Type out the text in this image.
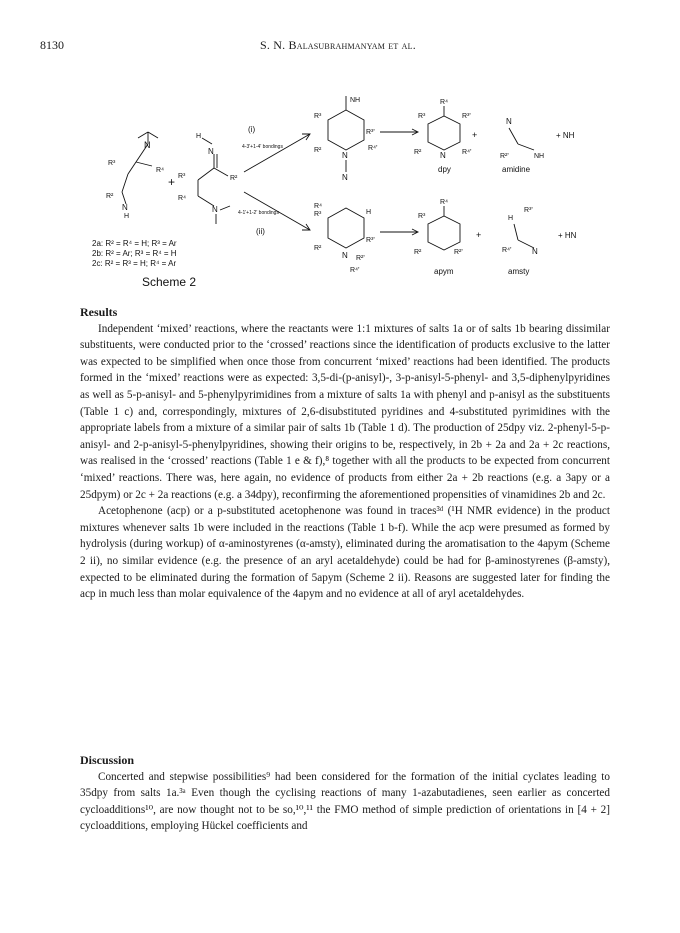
8130	S. N. Balasubrahmanyam et al.
N
R³
R⁴
R²
N
H
+
H
N
R³	R²
R⁴
N
(i)
4-3'+1-4' bondings
(ii)
4-1'+1-2' bondings
NH
R³
R³'
R²
N
R⁴'
N
R⁴
R³	R³'
R² N R⁴'
dpy
+
N
R²'	NH
+ NH
amidine
R⁴
R³	H
R³'
R²
N R²'
R⁴'
R⁴
R³
R²	R²'
apym
+
H
R³'
R⁴'	N
+ HN
amsty
2a: R² = R⁴ = H; R³ = Ar
2b: R² = Ar; R³ = R⁴ = H
2c: R² = R³ = H; R⁴ = Ar
Scheme 2
Results

Independent ‘mixed’ reactions, where the reactants were 1:1 mixtures of salts 1a or of salts 1b bearing dissimilar substituents, were conducted prior to the ‘crossed’ reactions since the identification of products exclusive to the latter was expected to be simplified when once those from concurrent ‘mixed’ reactions had been identified. The products formed in the ‘mixed’ reactions were as expected: 3,5-di-(p-anisyl)-, 3-p-anisyl-5-phenyl- and 3,5-diphenylpyridines as well as 5-p-anisyl- and 5-phenylpyrimidines from a mixture of salts 1a with phenyl and p-anisyl as the substituents (Table 1 c) and, correspondingly, mixtures of 2,6-disubstituted pyridines and 4-substituted pyrimidines with the appropriate labels from a mixture of a similar pair of salts 1b (Table 1 d). The production of 25dpy viz. 2-phenyl-5-p-anisyl- and 2-p-anisyl-5-phenylpyridines, showing their origins to be, respectively, in 2b + 2a and 2a + 2c reactions, was realised in the ‘crossed’ reactions (Table 1 e & f),⁸ together with all the products to be expected from concurrent ‘mixed’ reactions. There was, here again, no evidence of products from either 2a + 2b reactions (e.g. a 3apy or a 25dpym) or 2c + 2a reactions (e.g. a 34dpy), reconfirming the aforementioned propensities of vinamidines 2b and 2c.

Acetophenone (acp) or a p-substituted acetophenone was found in traces³ᵈ (¹H NMR evidence) in the product mixtures whenever salts 1b were included in the reactions (Table 1 b-f). While the acp were presumed as formed by hydrolysis (during workup) of α-aminostyrenes (α-amsty), eliminated during the aromatisation to the 4apym (Scheme 2 ii), no similar evidence (e.g. the presence of an aryl acetaldehyde) could be had for β-aminostyrenes (β-amsty), expected to be eliminated during the formation of 5apym (Scheme 2 ii). Reasons are suggested later for finding the acp in much less than molar equivalence of the 4apym and no evidence at all of aryl acetaldehydes.

Discussion

Concerted and stepwise possibilities⁹ had been considered for the formation of the initial cyclates leading to 35dpy from salts 1a.³ᵃ Even though the cyclising reactions of many 1-azabutadienes, seen earlier as concerted cycloadditions¹⁰, are now thought not to be so,¹⁰,¹¹ the FMO method of simple prediction of orientations in [4 + 2] cycloadditions, employing Hückel coefficients and
